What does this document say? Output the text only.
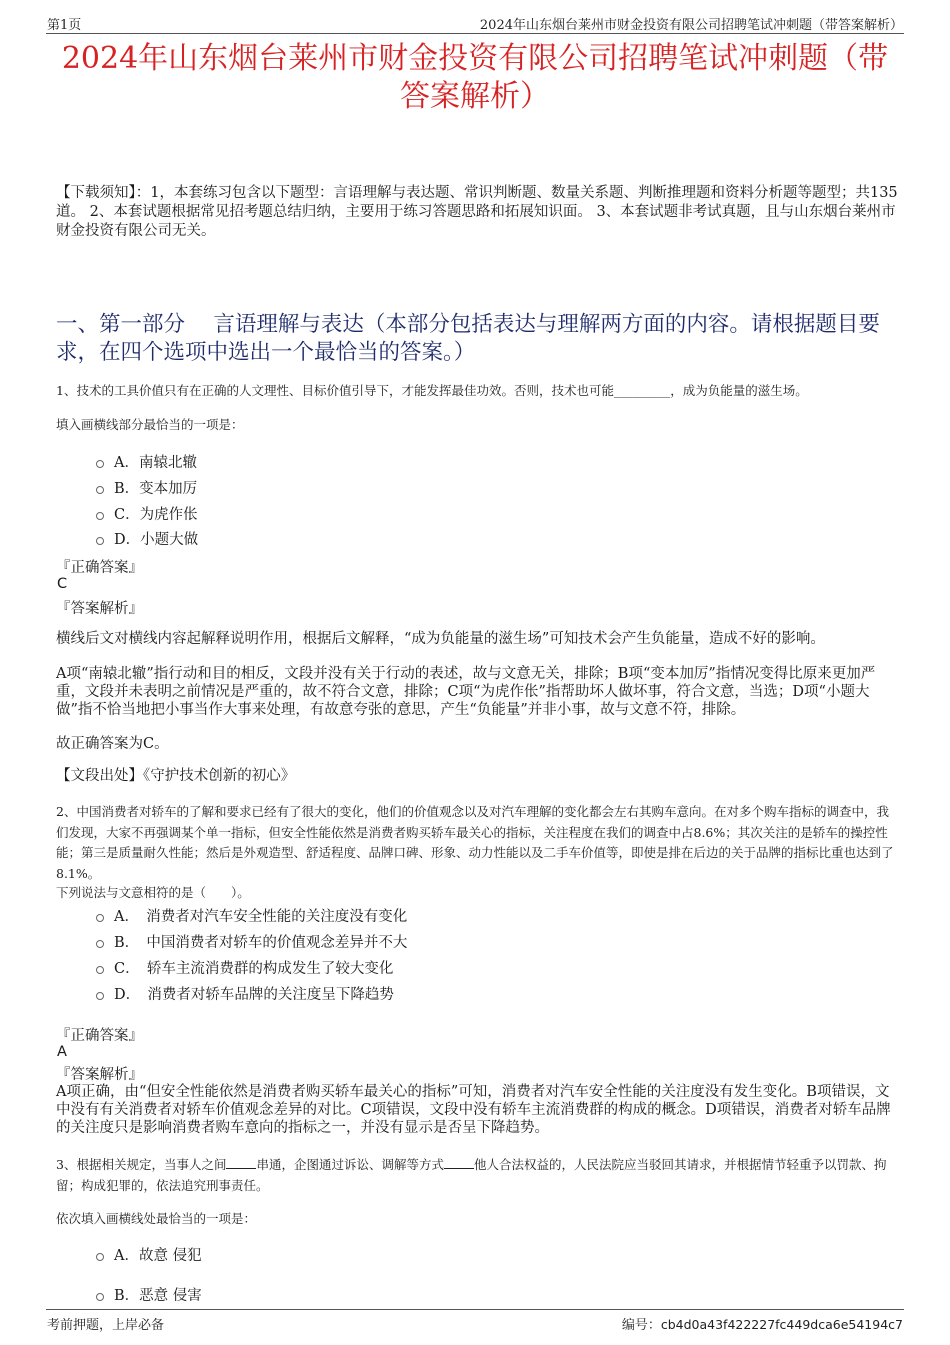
第1页	2024年山东烟台莱州市财金投资有限公司招聘笔试冲刺题（带答案解析）
2024年山东烟台莱州市财金投资有限公司招聘笔试冲刺题（带
答案解析）
【下载须知】：1，本套练习包含以下题型：言语理解与表达题、常识判断题、数量关系题、判断推理题和资料分析题等题型；共135道。 2、本套试题根据常见招考题总结归纳，主要用于练习答题思路和拓展知识面。 3、本套试题非考试真题，且与山东烟台莱州市财金投资有限公司无关。
一、第一部分　 言语理解与表达（本部分包括表达与理解两方面的内容。请根据题目要求，在四个选项中选出一个最恰当的答案。）
1、技术的工具价值只有在正确的人文理性、目标价值引导下，才能发挥最佳功效。否则，技术也可能_________，成为负能量的滋生场。
填入画横线部分最恰当的一项是：
A．南辕北辙
B．变本加厉
C．为虎作伥
D．小题大做
『正确答案』
C
『答案解析』
横线后文对横线内容起解释说明作用，根据后文解释，“成为负能量的滋生场”可知技术会产生负能量，造成不好的影响。
A项“南辕北辙”指行动和目的相反，文段并没有关于行动的表述，故与文意无关，排除；B项“变本加厉”指情况变得比原来更加严重，文段并未表明之前情况是严重的，故不符合文意，排除；C项“为虎作伥”指帮助坏人做坏事，符合文意，当选；D项“小题大做”指不恰当地把小事当作大事来处理，有故意夸张的意思，产生“负能量”并非小事，故与文意不符，排除。
故正确答案为C。
【文段出处】《守护技术创新的初心》
2、中国消费者对轿车的了解和要求已经有了很大的变化，他们的价值观念以及对汽车理解的变化都会左右其购车意向。在对多个购车指标的调查中，我们发现，大家不再强调某个单一指标，但安全性能依然是消费者购买轿车最关心的指标，关注程度在我们的调查中占8.6%；其次关注的是轿车的操控性能；第三是质量耐久性能；然后是外观造型、舒适程度、品牌口碑、形象、动力性能以及二手车价值等，即使是排在后边的关于品牌的指标比重也达到了8.1%。
下列说法与文意相符的是（　　）。
A．　消费者对汽车安全性能的关注度没有变化
B．　中国消费者对轿车的价值观念差异并不大
C．　轿车主流消费群的构成发生了较大变化
D．　消费者对轿车品牌的关注度呈下降趋势
『正确答案』
A
『答案解析』
A项正确，由“但安全性能依然是消费者购买轿车最关心的指标”可知，消费者对汽车安全性能的关注度没有发生变化。B项错误，文中没有有关消费者对轿车价值观念差异的对比。C项错误，文段中没有轿车主流消费群的构成的概念。D项错误，消费者对轿车品牌的关注度只是影响消费者购车意向的指标之一，并没有显示是否呈下降趋势。
3、根据相关规定，当事人之间 串通，企图通过诉讼、调解等方式 他人合法权益的，人民法院应当驳回其请求，并根据情节轻重予以罚款、拘留；构成犯罪的，依法追究刑事责任。
依次填入画横线处最恰当的一项是：
A．故意 侵犯
B．恶意 侵害
考前押题，上岸必备	编号：cb4d0a43f422227fc449dca6e54194c7
